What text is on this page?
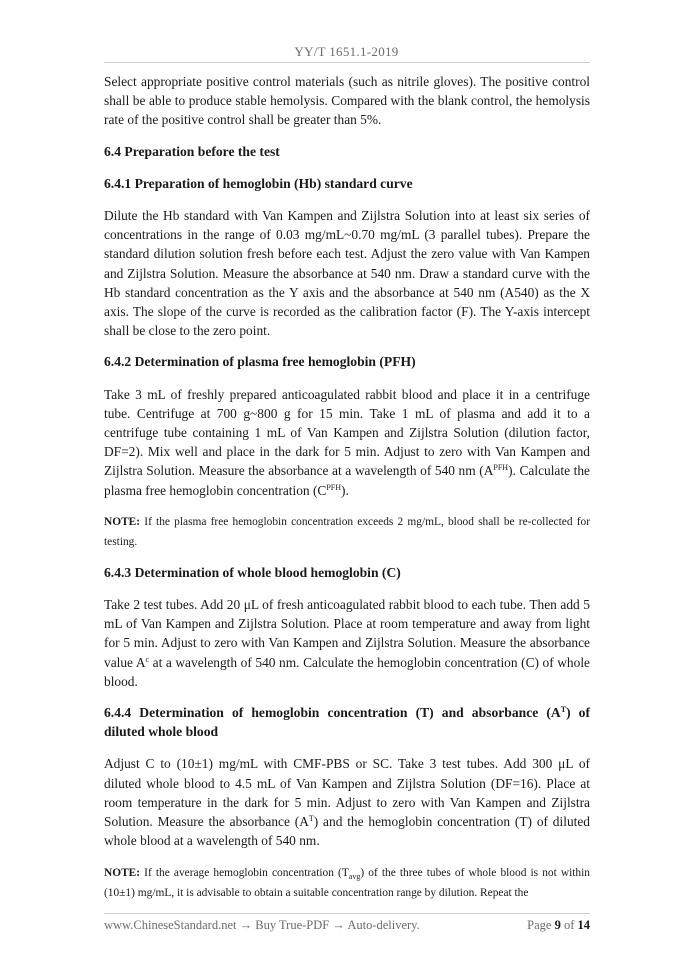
YY/T 1651.1-2019

Select appropriate positive control materials (such as nitrile gloves). The positive control shall be able to produce stable hemolysis. Compared with the blank control, the hemolysis rate of the positive control shall be greater than 5%.

6.4 Preparation before the test
6.4.1 Preparation of hemoglobin (Hb) standard curve

Dilute the Hb standard with Van Kampen and Zijlstra Solution into at least six series of concentrations in the range of 0.03 mg/mL~0.70 mg/mL (3 parallel tubes). Prepare the standard dilution solution fresh before each test. Adjust the zero value with Van Kampen and Zijlstra Solution. Measure the absorbance at 540 nm. Draw a standard curve with the Hb standard concentration as the Y axis and the absorbance at 540 nm (A540) as the X axis. The slope of the curve is recorded as the calibration factor (F). The Y-axis intercept shall be close to the zero point.

6.4.2 Determination of plasma free hemoglobin (PFH)

Take 3 mL of freshly prepared anticoagulated rabbit blood and place it in a centrifuge tube. Centrifuge at 700 g~800 g for 15 min. Take 1 mL of plasma and add it to a centrifuge tube containing 1 mL of Van Kampen and Zijlstra Solution (dilution factor, DF=2). Mix well and place in the dark for 5 min. Adjust to zero with Van Kampen and Zijlstra Solution. Measure the absorbance at a wavelength of 540 nm $(A^{PFH})$. Calculate the plasma free hemoglobin concentration $(C^{PFH})$.

NOTE: If the plasma free hemoglobin concentration exceeds 2 mg/mL, blood shall be re-collected for testing.

6.4.3 Determination of whole blood hemoglobin (C)

Take 2 test tubes. Add 20 μL of fresh anticoagulated rabbit blood to each tube. Then add 5 mL of Van Kampen and Zijlstra Solution. Place at room temperature and away from light for 5 min. Adjust to zero with Van Kampen and Zijlstra Solution. Measure the absorbance value $A^c$ at a wavelength of 540 nm. Calculate the hemoglobin concentration (C) of whole blood.

6.4.4 Determination of hemoglobin concentration (T) and absorbance $(A^T)$ of diluted whole blood

Adjust C to (10±1) mg/mL with CMF-PBS or SC. Take 3 test tubes. Add 300 μL of diluted whole blood to 4.5 mL of Van Kampen and Zijlstra Solution (DF=16). Place at room temperature in the dark for 5 min. Adjust to zero with Van Kampen and Zijlstra Solution. Measure the absorbance $(A^T)$ and the hemoglobin concentration (T) of diluted whole blood at a wavelength of 540 nm.

NOTE: If the average hemoglobin concentration $(T_{avg})$ of the three tubes of whole blood is not within (10±1) mg/mL, it is advisable to obtain a suitable concentration range by dilution. Repeat the

www.ChineseStandard.net → Buy True-PDF → Auto-delivery.	Page 9 of 14
